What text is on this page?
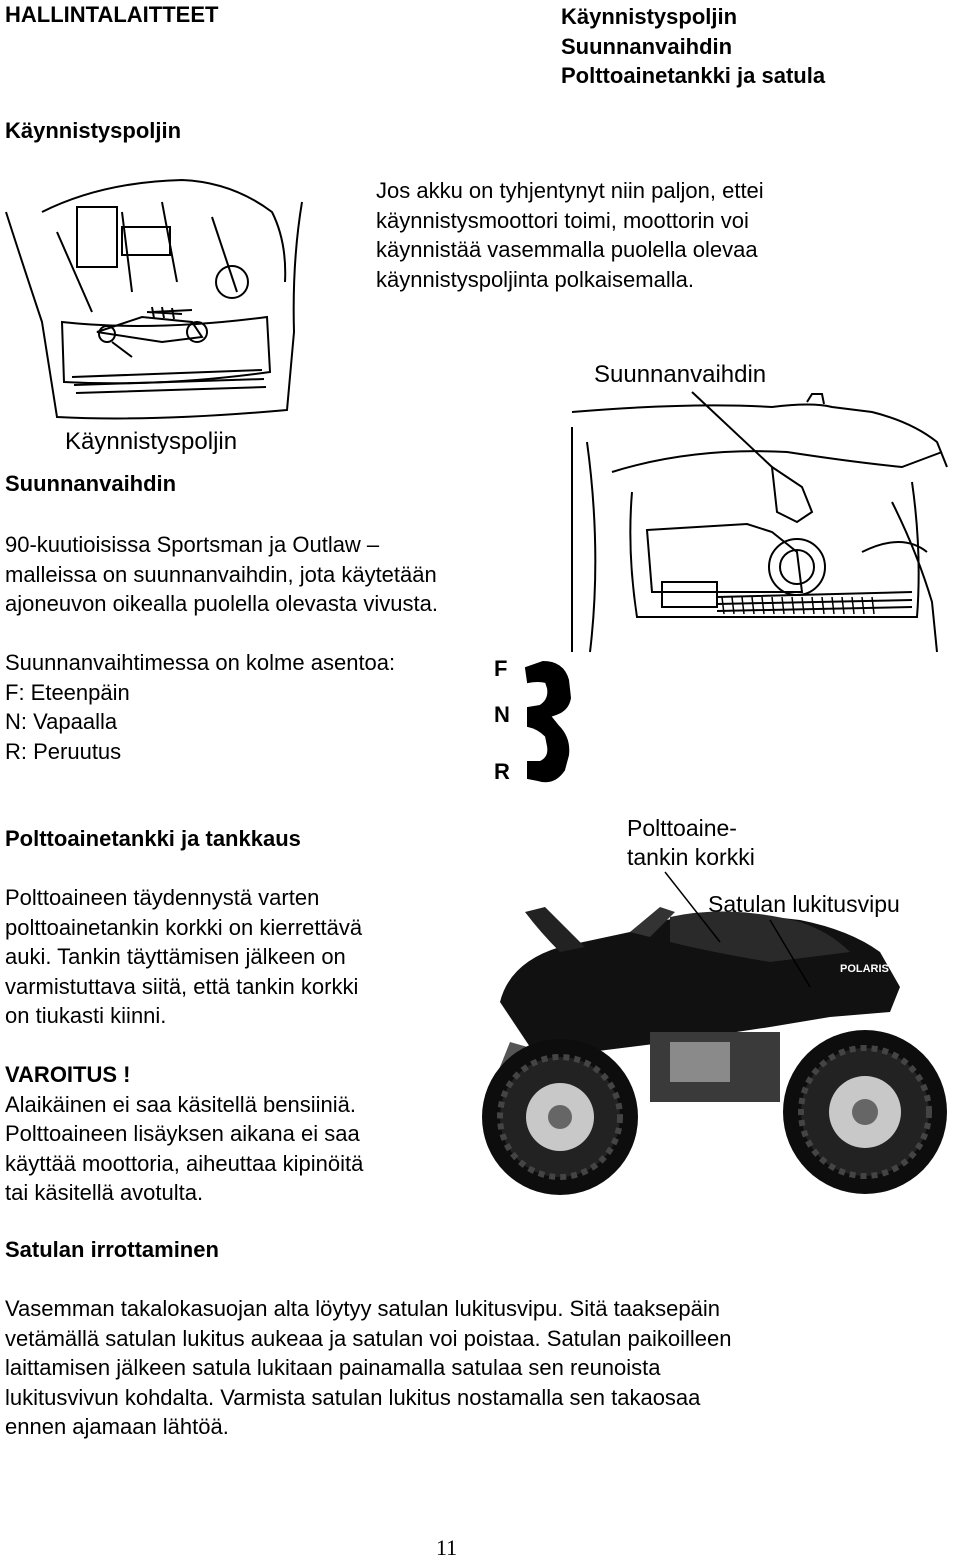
HALLINTALAITTEET	Käynnistyspoljin
Suunnanvaihdin
Polttoainetankki ja satula
Käynnistyspoljin
Jos akku on tyhjentynyt niin paljon, ettei
käynnistysmoottori toimi, moottorin voi
käynnistää vasemmalla puolella olevaa
käynnistyspoljinta polkaisemalla.
Käynnistyspoljin
Suunnanvaihdin
90-kuutioisissa Sportsman ja Outlaw –
malleissa on suunnanvaihdin, jota käytetään
ajoneuvon oikealla puolella olevasta vivusta.
Suunnanvaihtimessa on kolme asentoa:
F: Eteenpäin
N: Vapaalla
R: Peruutus
Suunnanvaihdin
F
N
R
Polttoainetankki ja tankkaus
Polttoaineen täydennystä varten
polttoainetankin korkki on kierrettävä
auki. Tankin täyttämisen jälkeen on
varmistuttava siitä, että tankin korkki
on tiukasti kiinni.
VAROITUS !
Alaikäinen ei saa käsitellä bensiiniä.
Polttoaineen lisäyksen aikana ei saa
käyttää moottoria, aiheuttaa kipinöitä
tai käsitellä avotulta.
Polttoaine-
tankin korkki
Satulan lukitusvipu
POLARIS
Satulan irrottaminen
Vasemman takalokasuojan alta löytyy satulan lukitusvipu. Sitä taaksepäin
vetämällä satulan lukitus aukeaa ja satulan voi poistaa. Satulan paikoilleen
laittamisen jälkeen satula lukitaan painamalla satulaa sen reunoista
lukitusvivun kohdalta. Varmista satulan lukitus nostamalla sen takaosaa
ennen ajamaan lähtöä.
11
